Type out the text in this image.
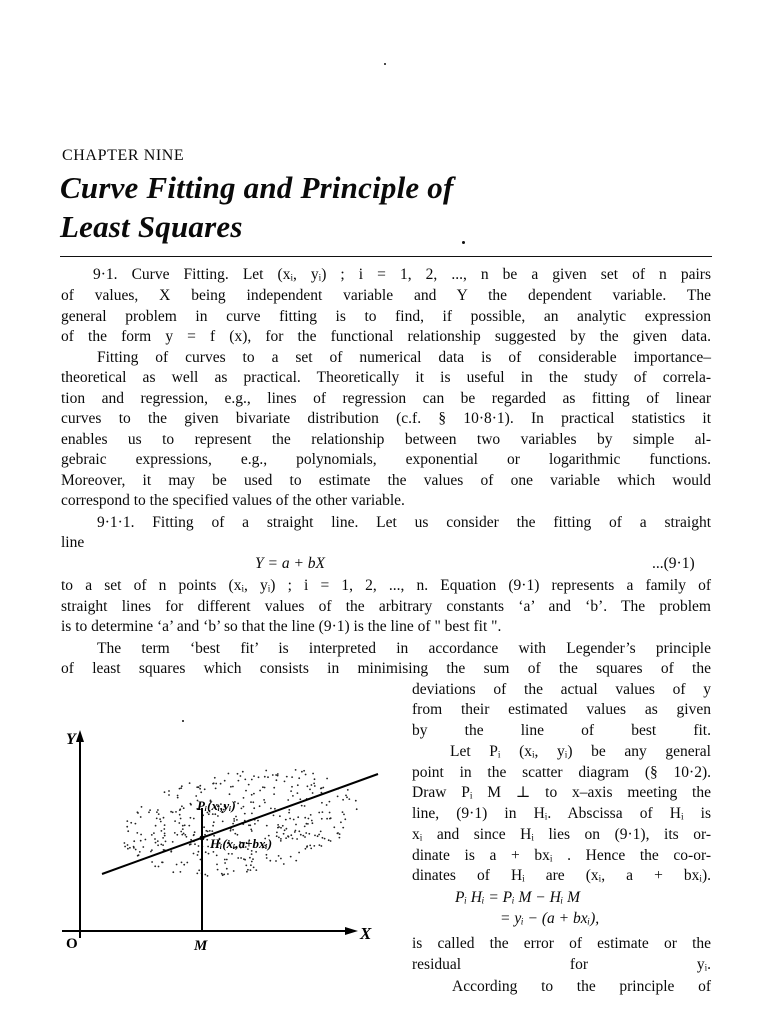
CHAPTER NINE
Curve Fitting and Principle of
Least Squares
9·1. Curve Fitting. Let (xᵢ, yᵢ) ; i = 1, 2, ..., n be a given set of n pairs
of values, X being independent variable and Y the dependent variable. The
general problem in curve fitting is to find, if possible, an analytic expression
of the form y = f (x), for the functional relationship suggested by the given data.
Fitting of curves to a set of numerical data is of considerable importance–
theoretical as well as practical. Theoretically it is useful in the study of correla-
tion and regression, e.g., lines of regression can be regarded as fitting of linear
curves to the given bivariate distribution (c.f. § 10·8·1). In practical statistics it
enables us to represent the relationship between two variables by simple al-
gebraic expressions, e.g., polynomials, exponential or logarithmic functions.
Moreover, it may be used to estimate the values of one variable which would
correspond to the specified values of the other variable.
9·1·1. Fitting of a straight line. Let us consider the fitting of a straight
line
Y = a + bX	...(9·1)
to a set of n points (xᵢ, yᵢ) ; i = 1, 2, ..., n. Equation (9·1) represents a family of
straight lines for different values of the arbitrary constants ‘a’ and ‘b’. The problem
is to determine ‘a’ and ‘b’ so that the line (9·1) is the line of " best fit ".
The term ‘best fit’ is interpreted in accordance with Legender’s principle
of least squares which consists in minimising the sum of the squares of the
deviations of the actual values of y
from their estimated values as given
by the line of best fit.
Let Pᵢ (xᵢ, yᵢ) be any general
point in the scatter diagram (§ 10·2).
Draw Pᵢ M ⊥ to x–axis meeting the
line, (9·1) in Hᵢ. Abscissa of Hᵢ is
xᵢ and since Hᵢ lies on (9·1), its or-
dinate is a + bxᵢ . Hence the co-or-
dinates of Hᵢ are (xᵢ, a + bxᵢ).
Pᵢ Hᵢ = Pᵢ M − Hᵢ M
= yᵢ − (a + bxᵢ),
is called the error of estimate or the
residual for yᵢ.
According to the principle of
Y
X
O	M
Pᵢ(xᵢ,yᵢ)
Hᵢ(xᵢ,a+bxᵢ)
